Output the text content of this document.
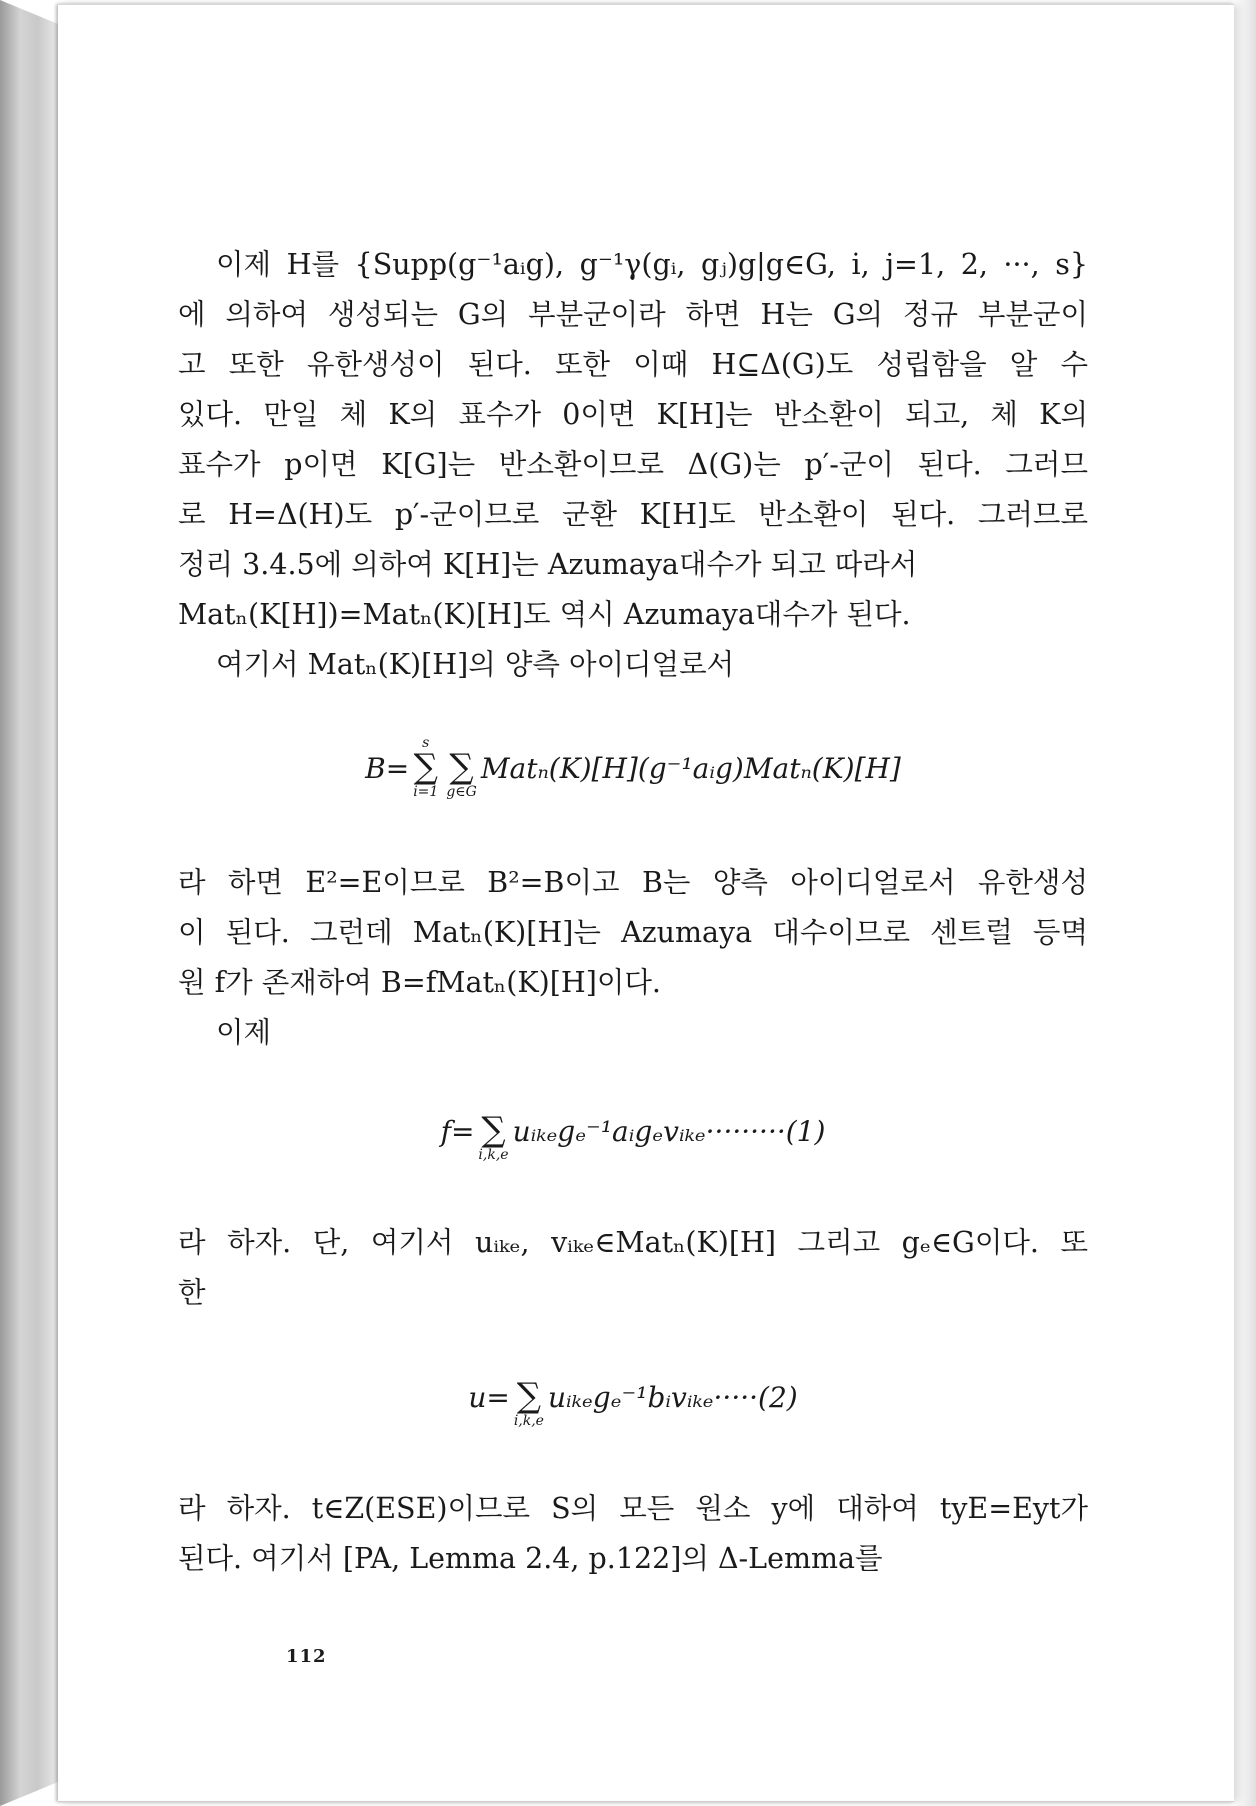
이제 H를 {Supp(g⁻¹aᵢg), g⁻¹γ(gᵢ, gⱼ)g|g∈G, i, j=1, 2, ···, s}
에 의하여 생성되는 G의 부분군이라 하면 H는 G의 정규 부분군이
고 또한 유한생성이 된다. 또한 이때 H⊆Δ(G)도 성립함을 알 수
있다. 만일 체 K의 표수가 0이면 K[H]는 반소환이 되고, 체 K의
표수가 p이면 K[G]는 반소환이므로 Δ(G)는 p′-군이 된다. 그러므
로 H=Δ(H)도 p′-군이므로 군환 K[H]도 반소환이 된다. 그러므로
정리 3.4.5에 의하여 K[H]는 Azumaya대수가 되고 따라서
Matₙ(K[H])=Matₙ(K)[H]도 역시 Azumaya대수가 된다.
여기서 Matₙ(K)[H]의 양측 아이디얼로서
B=
s
∑
i=1
∑
g∈G
Matₙ(K)[H](g⁻¹aᵢg)Matₙ(K)[H]
라 하면 E²=E이므로 B²=B이고 B는 양측 아이디얼로서 유한생성
이 된다. 그런데 Matₙ(K)[H]는 Azumaya 대수이므로 센트럴 등멱
원 f가 존재하여 B=fMatₙ(K)[H]이다.
이제
f= ∑
i,k,e
uᵢₖₑgₑ⁻¹aᵢgₑvᵢₖₑ·········(1)
라 하자. 단, 여기서 uᵢₖₑ, vᵢₖₑ∈Matₙ(K)[H] 그리고 gₑ∈G이다. 또
한
u= ∑
i,k,e
uᵢₖₑgₑ⁻¹bᵢvᵢₖₑ·····(2)
라 하자. t∈Z(ESE)이므로 S의 모든 원소 y에 대하여 tyE=Eyt가
된다. 여기서 [PA, Lemma 2.4, p.122]의 Δ-Lemma를
112
